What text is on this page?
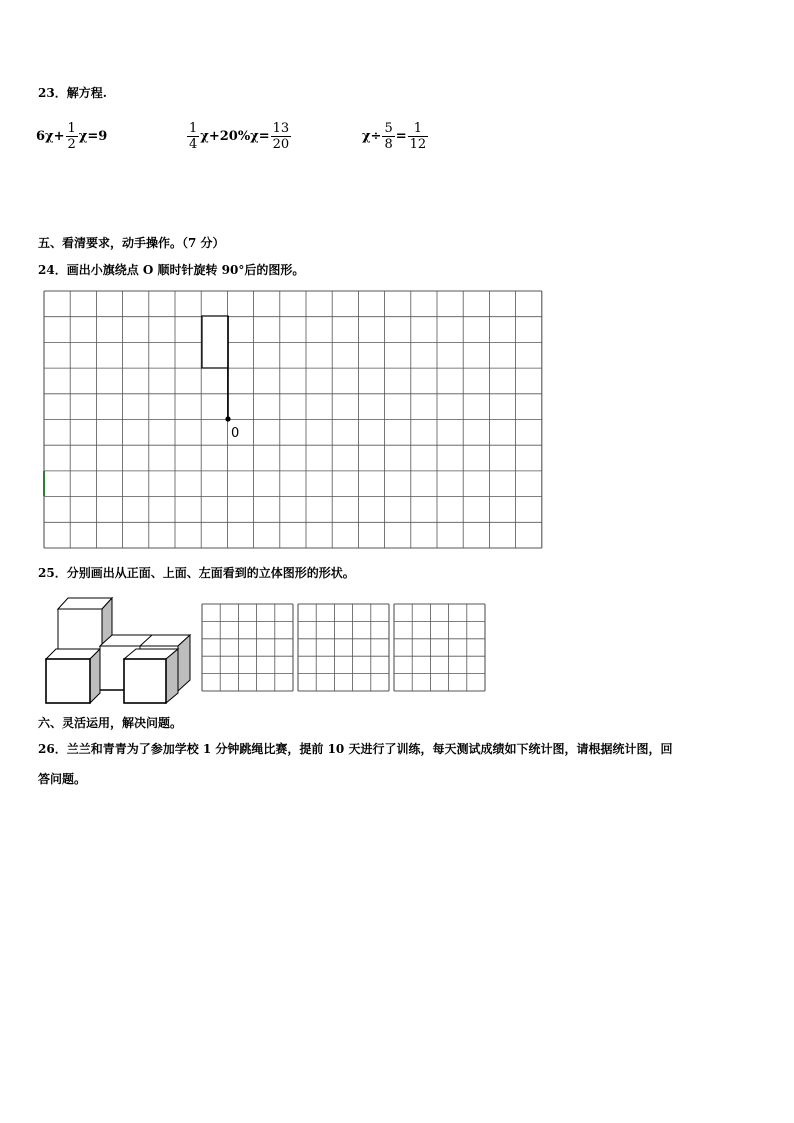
23．解方程.
$6\chi+ \frac{1}{2} \chi=9$	$\frac{1}{4} \chi+20\%\chi= \frac{13}{20}$	$\chi\div \frac{5}{8} = \frac{1}{12}$
五、看清要求，动手操作。（7 分）
24．画出小旗绕点 O 顺时针旋转 90°后的图形。
0
25．分别画出从正面、上面、左面看到的立体图形的形状。
六、灵活运用，解决问题。
26．兰兰和青青为了参加学校 1 分钟跳绳比赛，提前 10 天进行了训练，每天测试成绩如下统计图，请根据统计图，回
答问题。
